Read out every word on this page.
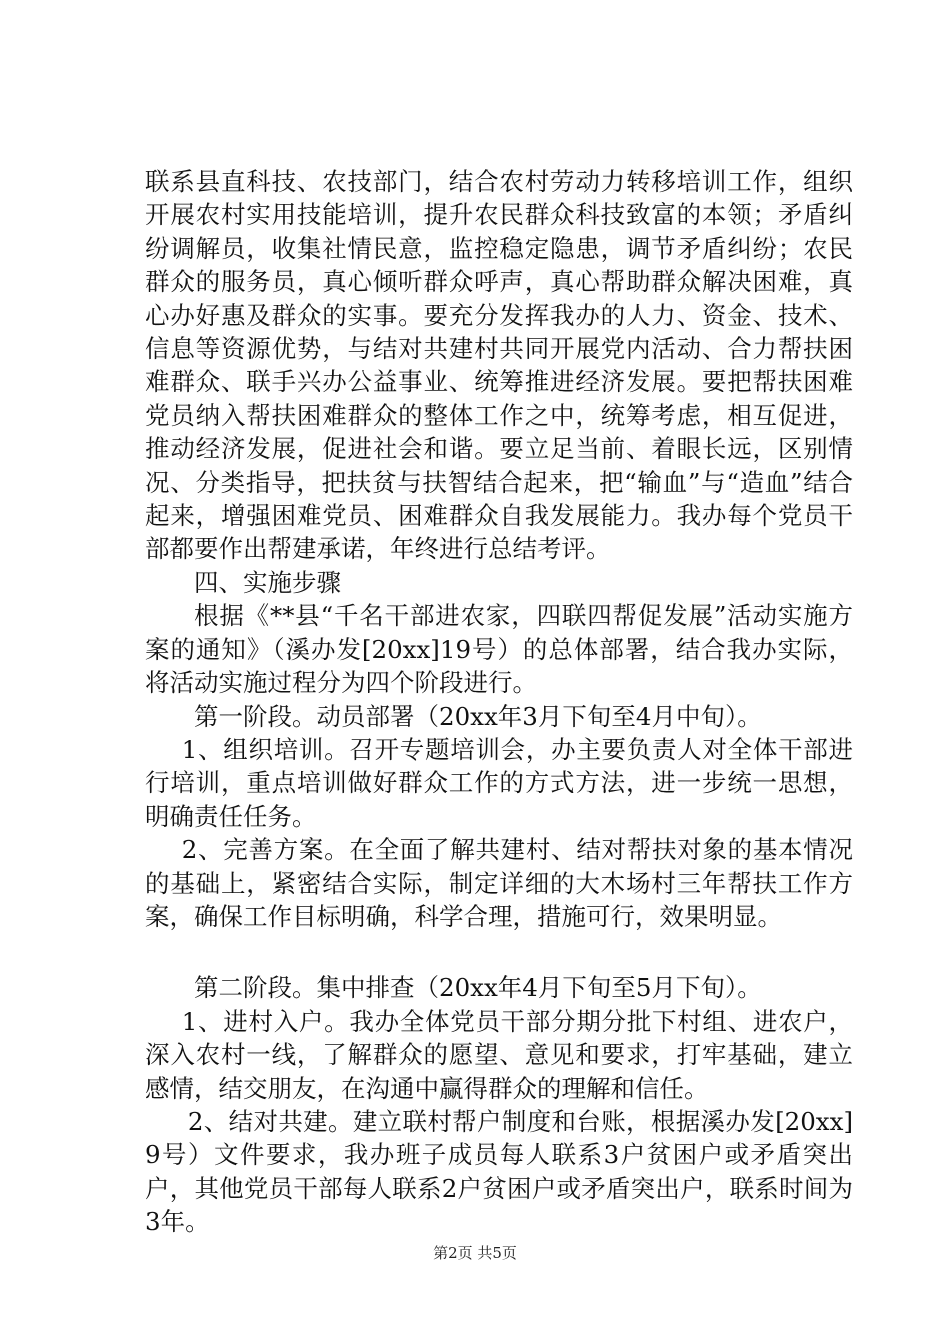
联系县直科技、农技部门，结合农村劳动力转移培训工作，组织开展农村实用技能培训，提升农民群众科技致富的本领；矛盾纠纷调解员，收集社情民意，监控稳定隐患，调节矛盾纠纷；农民群众的服务员，真心倾听群众呼声，真心帮助群众解决困难，真心办好惠及群众的实事。要充分发挥我办的人力、资金、技术、信息等资源优势，与结对共建村共同开展党内活动、合力帮扶困难群众、联手兴办公益事业、统筹推进经济发展。要把帮扶困难党员纳入帮扶困难群众的整体工作之中，统筹考虑，相互促进，推动经济发展，促进社会和谐。要立足当前、着眼长远，区别情况、分类指导，把扶贫与扶智结合起来，把“输血”与“造血”结合起来，增强困难党员、困难群众自我发展能力。我办每个党员干部都要作出帮建承诺，年终进行总结考评。

四、实施步骤

根据《**县“千名干部进农家，四联四帮促发展”活动实施方案的通知》（溪办发[20xx]19号）的总体部署，结合我办实际，将活动实施过程分为四个阶段进行。

第一阶段。动员部署（20xx年3月下旬至4月中旬）。

1、组织培训。召开专题培训会，办主要负责人对全体干部进行培训，重点培训做好群众工作的方式方法，进一步统一思想，明确责任任务。

2、完善方案。在全面了解共建村、结对帮扶对象的基本情况的基础上，紧密结合实际，制定详细的大木场村三年帮扶工作方案，确保工作目标明确，科学合理，措施可行，效果明显。

第二阶段。集中排查（20xx年4月下旬至5月下旬）。

1、进村入户。我办全体党员干部分期分批下村组、进农户，深入农村一线，了解群众的愿望、意见和要求，打牢基础，建立感情，结交朋友，在沟通中赢得群众的理解和信任。

2、结对共建。建立联村帮户制度和台账，根据溪办发[20xx]9号）文件要求，我办班子成员每人联系3户贫困户或矛盾突出户，其他党员干部每人联系2户贫困户或矛盾突出户，联系时间为3年。

第2页 共5页
